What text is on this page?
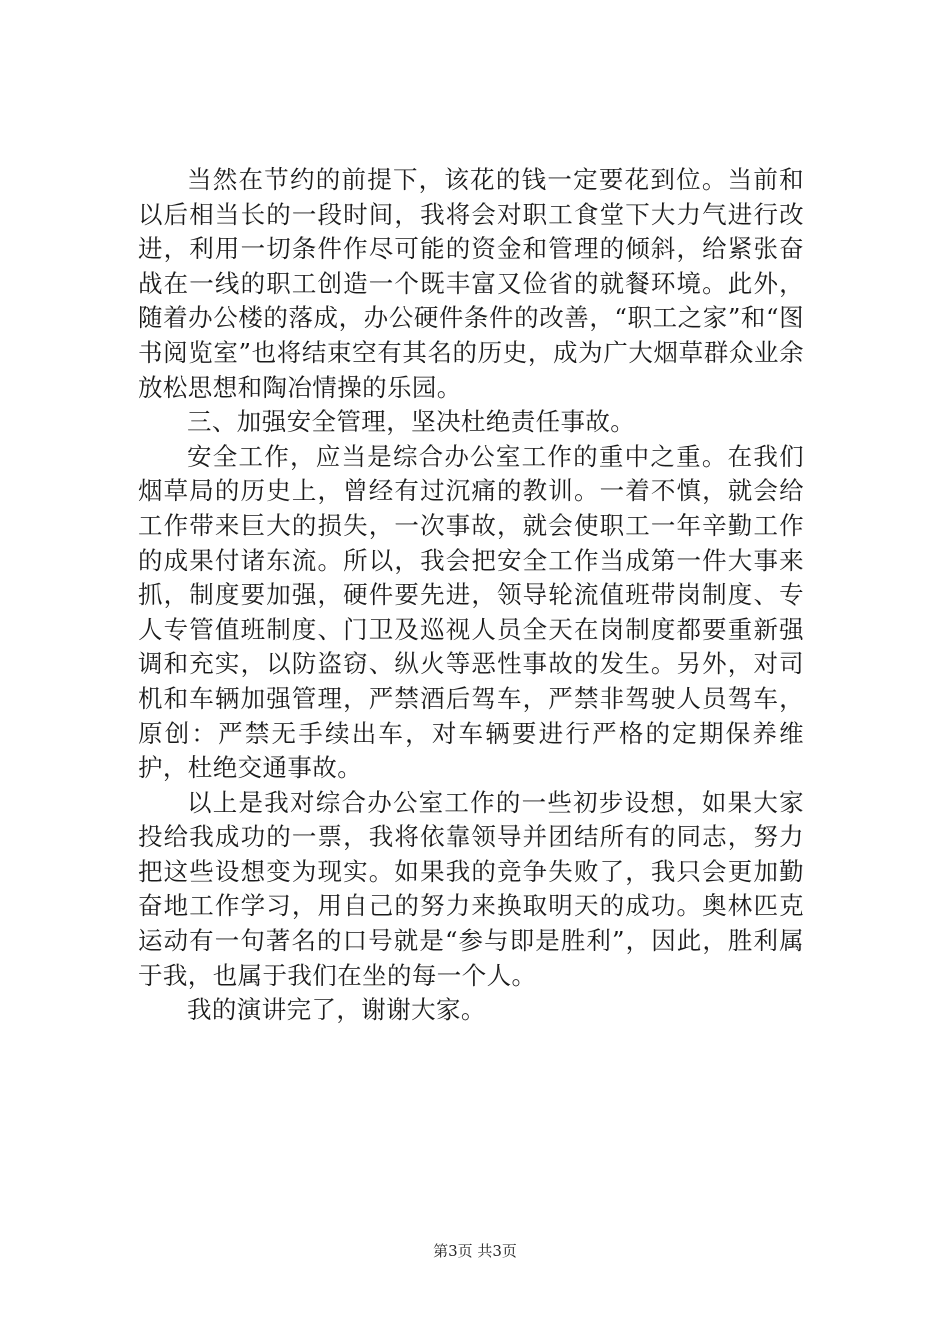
当然在节约的前提下，该花的钱一定要花到位。当前和以后相当长的一段时间，我将会对职工食堂下大力气进行改进，利用一切条件作尽可能的资金和管理的倾斜，给紧张奋战在一线的职工创造一个既丰富又俭省的就餐环境。此外，随着办公楼的落成，办公硬件条件的改善，“职工之家”和“图书阅览室”也将结束空有其名的历史，成为广大烟草群众业余放松思想和陶冶情操的乐园。

三、加强安全管理，坚决杜绝责任事故。

安全工作，应当是综合办公室工作的重中之重。在我们烟草局的历史上，曾经有过沉痛的教训。一着不慎，就会给工作带来巨大的损失，一次事故，就会使职工一年辛勤工作的成果付诸东流。所以，我会把安全工作当成第一件大事来抓，制度要加强，硬件要先进，领导轮流值班带岗制度、专人专管值班制度、门卫及巡视人员全天在岗制度都要重新强调和充实，以防盗窃、纵火等恶性事故的发生。另外，对司机和车辆加强管理，严禁酒后驾车，严禁非驾驶人员驾车，原创：严禁无手续出车，对车辆要进行严格的定期保养维护，杜绝交通事故。

以上是我对综合办公室工作的一些初步设想，如果大家投给我成功的一票，我将依靠领导并团结所有的同志，努力把这些设想变为现实。如果我的竞争失败了，我只会更加勤奋地工作学习，用自己的努力来换取明天的成功。奥林匹克运动有一句著名的口号就是“参与即是胜利”，因此，胜利属于我，也属于我们在坐的每一个人。

我的演讲完了，谢谢大家。

第3页 共3页
